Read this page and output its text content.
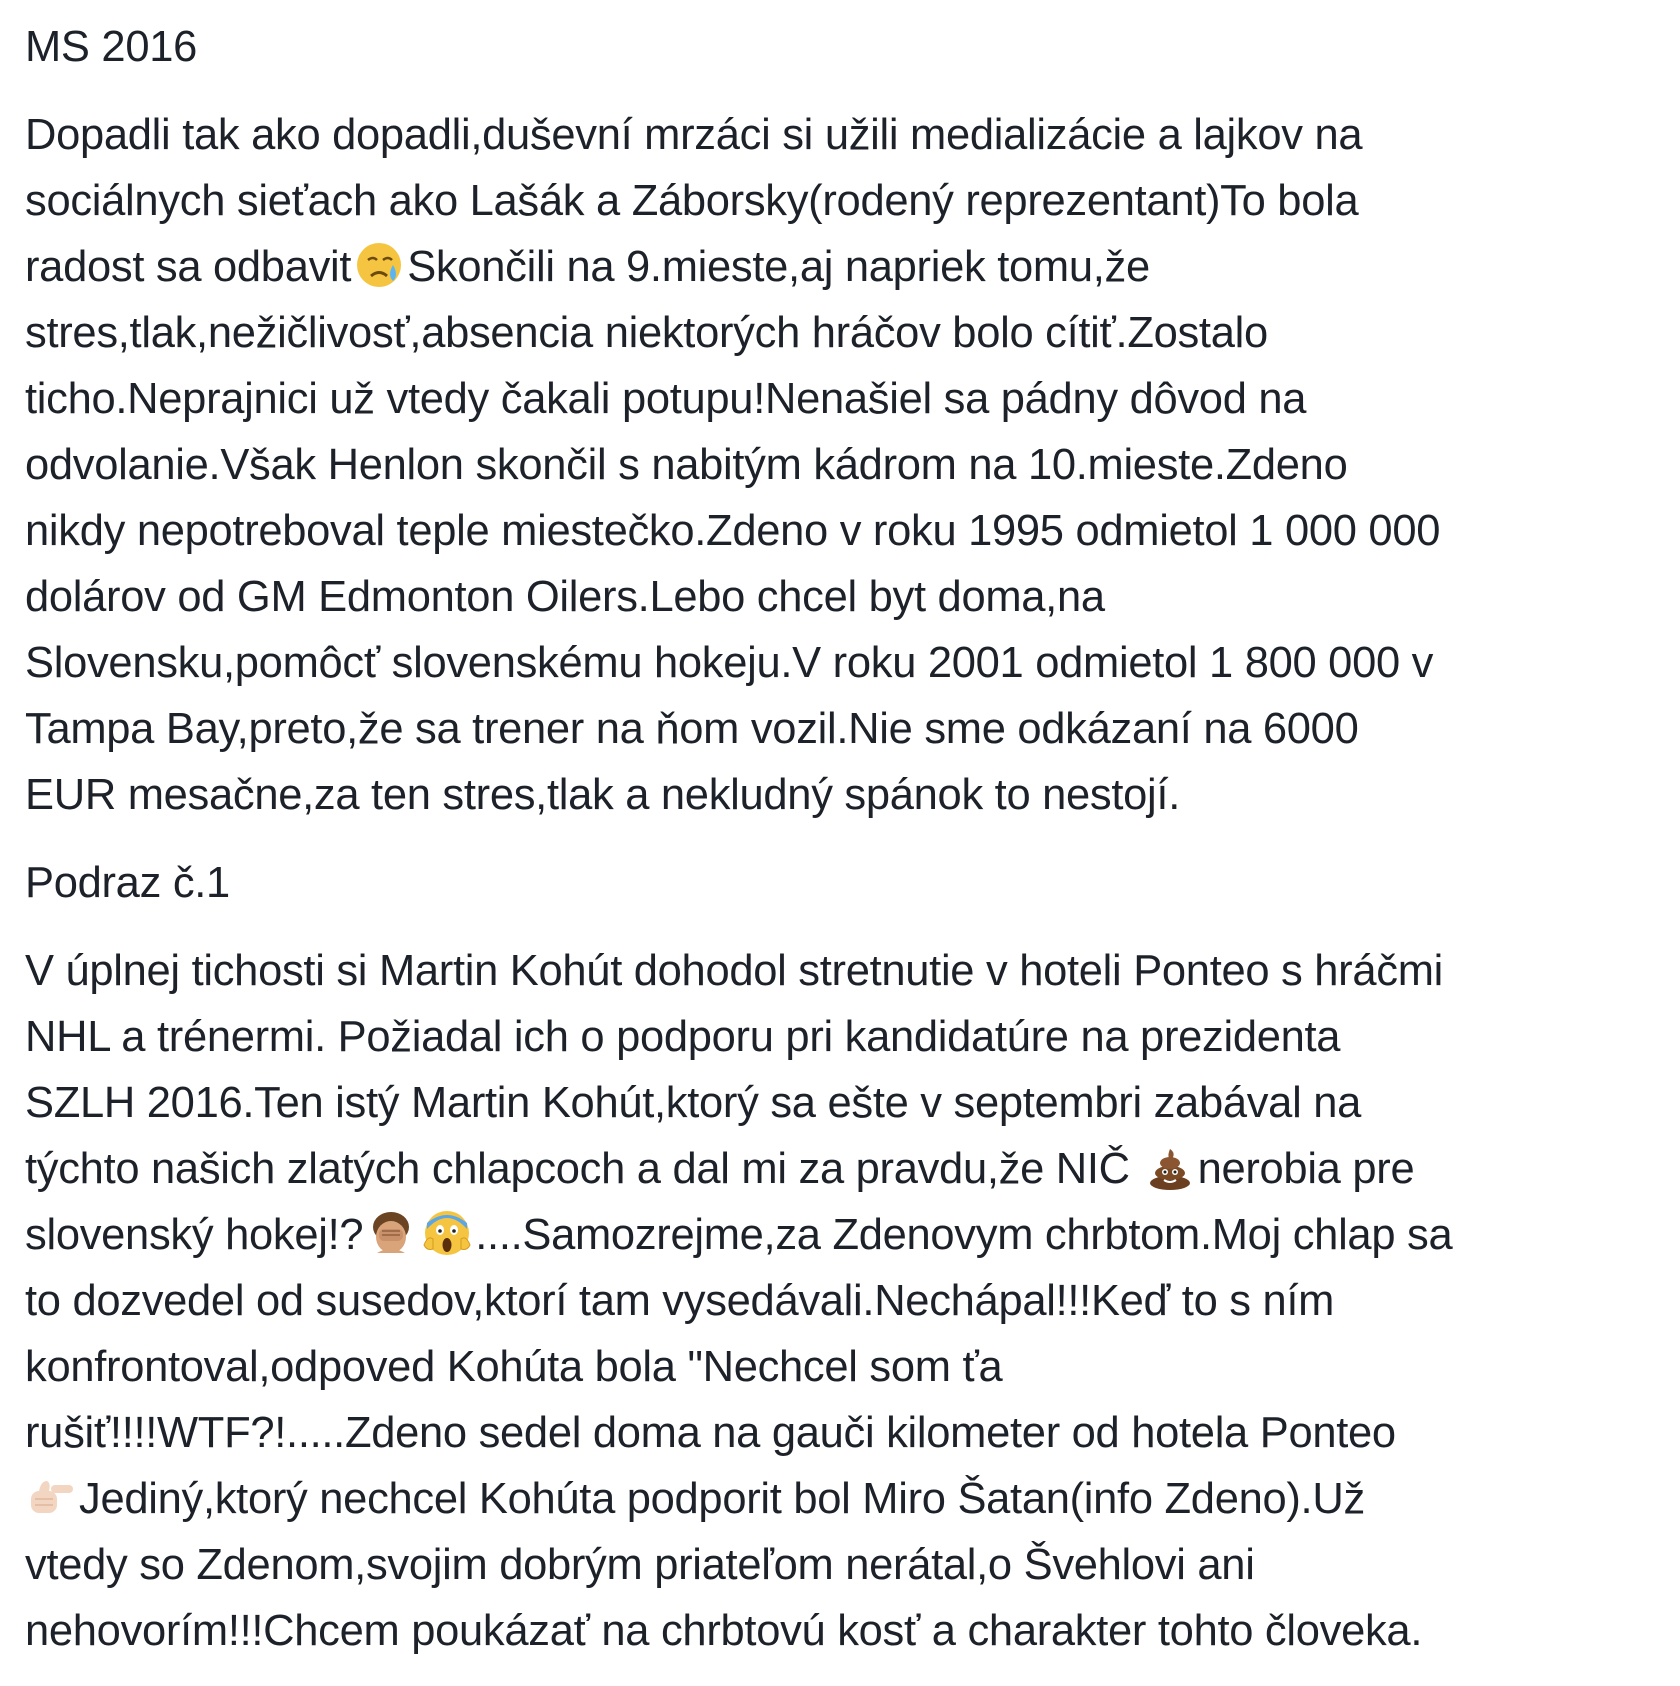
MS 2016
Dopadli tak ako dopadli,duševní mrzáci si užili medializácie a lajkov na
sociálnych sieťach ako Lašák a Záborsky(rodený reprezentant)To bola
radost sa odbavit Skončili na 9.mieste,aj napriek tomu,že
stres,tlak,nežičlivosť,absencia niektorých hráčov bolo cítiť.Zostalo
ticho.Neprajnici už vtedy čakali potupu!Nenašiel sa pádny dôvod na
odvolanie.Však Henlon skončil s nabitým kádrom na 10.mieste.Zdeno
nikdy nepotreboval teple miestečko.Zdeno v roku 1995 odmietol 1 000 000
dolárov od GM Edmonton Oilers.Lebo chcel byt doma,na
Slovensku,pomôcť slovenskému hokeju.V roku 2001 odmietol 1 800 000 v
Tampa Bay,preto,že sa trener na ňom vozil.Nie sme odkázaní na 6000
EUR mesačne,za ten stres,tlak a nekludný spánok to nestojí.
Podraz č.1
V úplnej tichosti si Martin Kohút dohodol stretnutie v hoteli Ponteo s hráčmi
NHL a trénermi. Požiadal ich o podporu pri kandidatúre na prezidenta
SZLH 2016.Ten istý Martin Kohút,ktorý sa ešte v septembri zabával na
týchto našich zlatých chlapcoch a dal mi za pravdu,že NIČ
nerobia pre
slovenský hokej!?	....Samozrejme,za Zdenovym chrbtom.Moj chlap sa
to dozvedel od susedov,ktorí tam vysedávali.Nechápal!!!Keď to s ním
konfrontoval,odpoved Kohúta bola "Nechcel som ťa
rušiť!!!!WTF?!.....Zdeno sedel doma na gauči kilometer od hotela Ponteo
Jediný,ktorý nechcel Kohúta podporit bol Miro Šatan(info Zdeno).Už
vtedy so Zdenom,svojim dobrým priateľom nerátal,o Švehlovi ani
nehovorím!!!Chcem poukázať na chrbtovú kosť a charakter tohto človeka.
